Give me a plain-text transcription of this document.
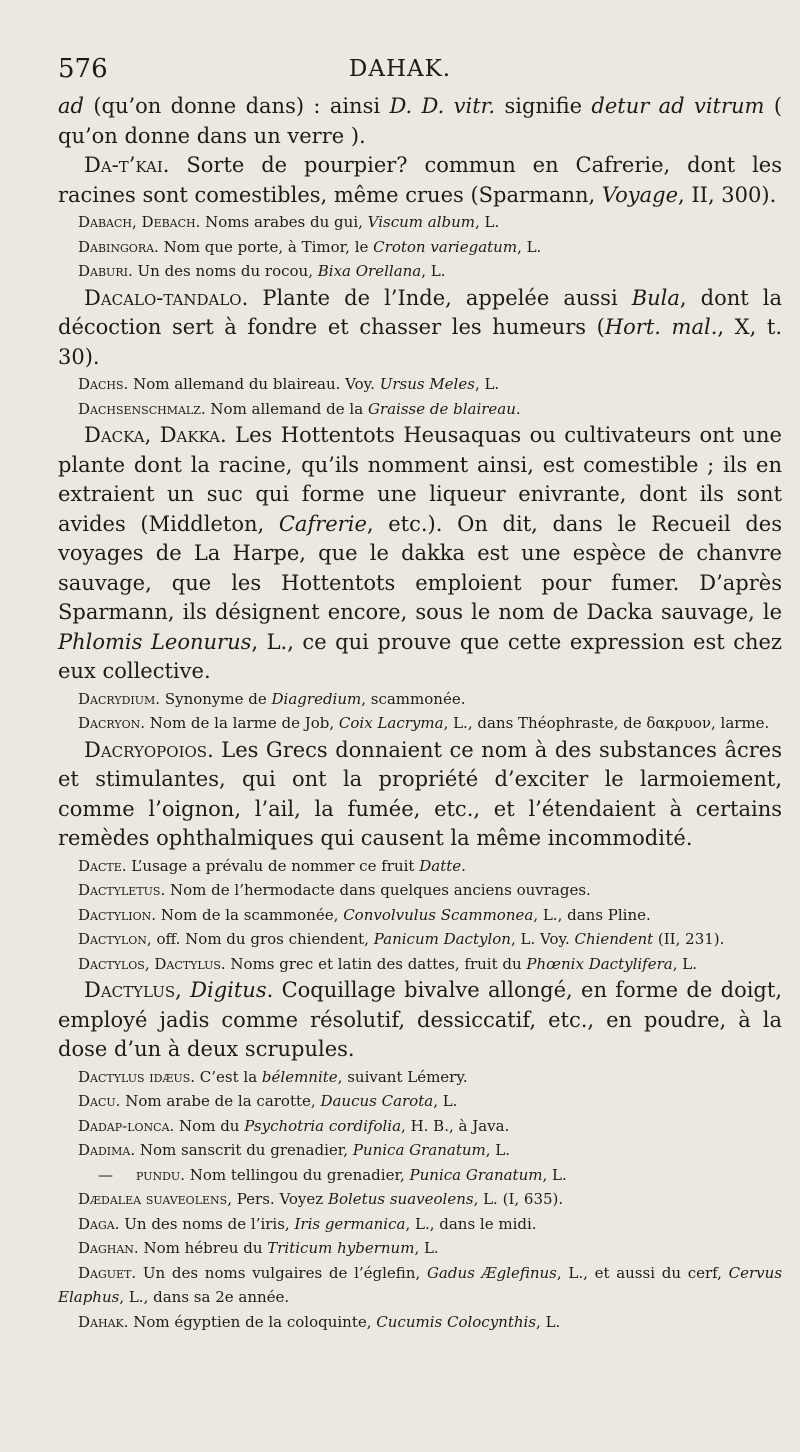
576	DAHAK.

ad (qu’on donne dans) : ainsi D. D. vitr. signifie detur ad vitrum ( qu’on donne dans un verre ).

Da-t’kai. Sorte de pourpier? commun en Cafrerie, dont les racines sont comestibles, même crues (Sparmann, Voyage, II, 300).

Dabach, Debach. Noms arabes du gui, Viscum album, L.

Dabingora. Nom que porte, à Timor, le Croton variegatum, L.

Daburi. Un des noms du rocou, Bixa Orellana, L.

Dacalo-tandalo. Plante de l’Inde, appelée aussi Bula, dont la décoction sert à fondre et chasser les humeurs (Hort. mal., X, t. 30).

Dachs. Nom allemand du blaireau. Voy. Ursus Meles, L.

Dachsenschmalz. Nom allemand de la Graisse de blaireau.

Dacka, Dakka. Les Hottentots Heusaquas ou cultivateurs ont une plante dont la racine, qu’ils nomment ainsi, est comestible ; ils en extraient un suc qui forme une liqueur enivrante, dont ils sont avides (Middleton, Cafrerie, etc.). On dit, dans le Recueil des voyages de La Harpe, que le dakka est une espèce de chanvre sauvage, que les Hottentots emploient pour fumer. D’après Sparmann, ils désignent encore, sous le nom de Dacka sauvage, le Phlomis Leonurus, L., ce qui prouve que cette expression est chez eux collective.

Dacrydium. Synonyme de Diagredium, scammonée.

Dacryon. Nom de la larme de Job, Coix Lacryma, L., dans Théophraste, de δακρυον, larme.

Dacryopoios. Les Grecs donnaient ce nom à des substances âcres et stimulantes, qui ont la propriété d’exciter le larmoiement, comme l’oignon, l’ail, la fumée, etc., et l’étendaient à certains remèdes ophthalmiques qui causent la même incommodité.

Dacte. L’usage a prévalu de nommer ce fruit Datte.

Dactyletus. Nom de l’hermodacte dans quelques anciens ouvrages.

Dactylion. Nom de la scammonée, Convolvulus Scammonea, L., dans Pline.

Dactylon, off. Nom du gros chiendent, Panicum Dactylon, L. Voy. Chiendent (II, 231).

Dactylos, Dactylus. Noms grec et latin des dattes, fruit du Phœnix Dactylifera, L.

Dactylus, Digitus. Coquillage bivalve allongé, en forme de doigt, employé jadis comme résolutif, dessiccatif, etc., en poudre, à la dose d’un à deux scrupules.

Dactylus idæus. C’est la bélemnite, suivant Lémery.

Dacu. Nom arabe de la carotte, Daucus Carota, L.

Dadap-lonca. Nom du Psychotria cordifolia, H. B., à Java.

Dadima. Nom sanscrit du grenadier, Punica Granatum, L.

— pundu. Nom tellingou du grenadier, Punica Granatum, L.

Dædalea suaveolens, Pers. Voyez Boletus suaveolens, L. (I, 635).

Daga. Un des noms de l’iris, Iris germanica, L., dans le midi.

Daghan. Nom hébreu du Triticum hybernum, L.

Daguet. Un des noms vulgaires de l’églefin, Gadus Æglefinus, L., et aussi du cerf, Cervus Elaphus, L., dans sa 2e année.

Dahak. Nom égyptien de la coloquinte, Cucumis Colocynthis, L.
